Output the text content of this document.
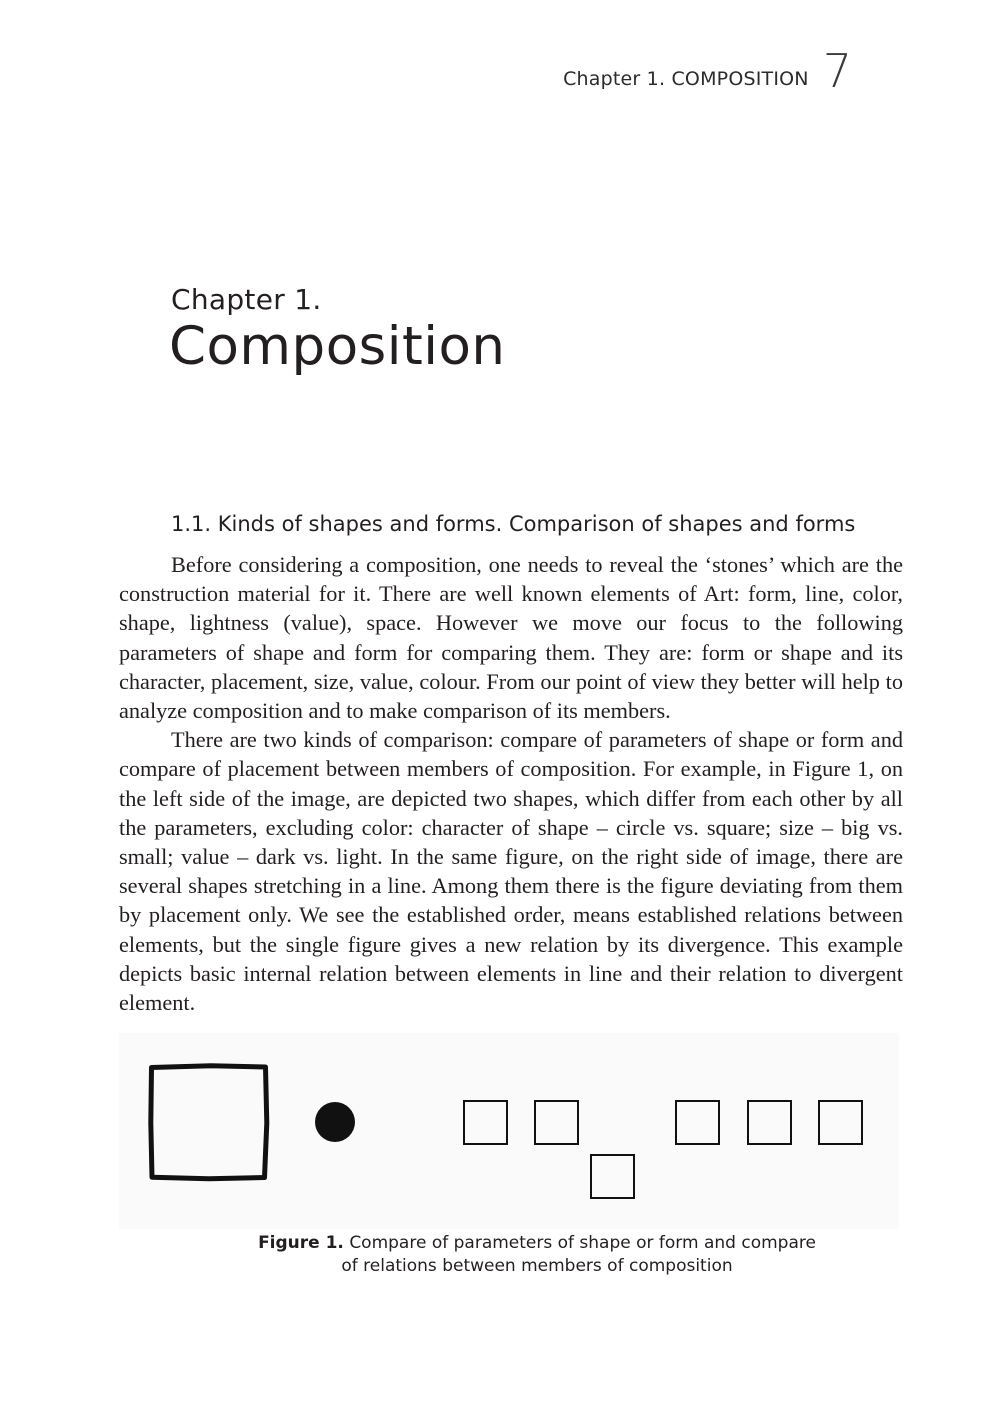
Chapter 1. COMPOSITION 7
Chapter 1.
Composition
1.1. Kinds of shapes and forms. Comparison of shapes and forms

Before considering a composition, one needs to reveal the ‘stones’ which are the construction material for it. There are well known elements of Art: form, line, color, shape, lightness (value), space. However we move our focus to the following parameters of shape and form for comparing them. They are: form or shape and its character, placement, size, value, colour. From our point of view they better will help to analyze composition and to make comparison of its members.

There are two kinds of comparison: compare of parameters of shape or form and compare of placement between members of composition. For example, in Figure 1, on the left side of the image, are depicted two shapes, which differ from each other by all the parameters, excluding color: character of shape – circle vs. square; size – big vs. small; value – dark vs. light. In the same figure, on the right side of image, there are several shapes stretching in a line. Among them there is the figure deviating from them by placement only. We see the established order, means established relations between elements, but the single figure gives a new relation by its divergence. This example depicts basic internal relation between elements in line and their relation to divergent element.

Figure 1. Compare of parameters of shape or form and compare
of relations between members of composition
